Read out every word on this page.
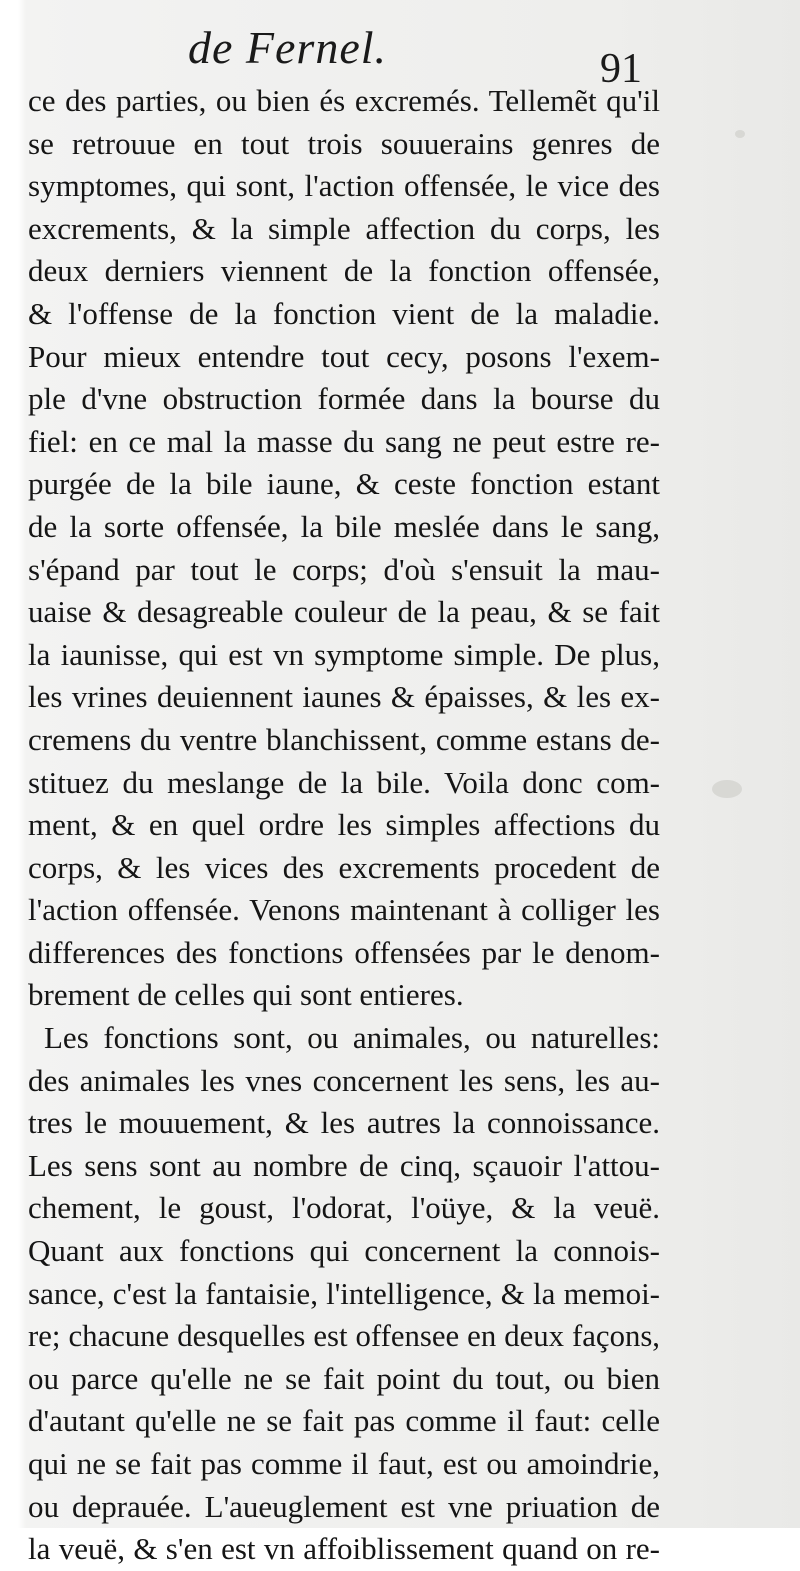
de Fernel.	91
ce des parties, ou bien és excremés. Tellemẽt qu'il
se retrouue en tout trois souuerains genres de
symptomes, qui sont, l'action offensée, le vice des
excrements, & la simple affection du corps, les
deux derniers viennent de la fonction offensée,
& l'offense de la fonction vient de la maladie.
Pour mieux entendre tout cecy, posons l'exem-
ple d'vne obstruction formée dans la bourse du
fiel: en ce mal la masse du sang ne peut estre re-
purgée de la bile iaune, & ceste fonction estant
de la sorte offensée, la bile meslée dans le sang,
s'épand par tout le corps; d'où s'ensuit la mau-
uaise & desagreable couleur de la peau, & se fait
la iaunisse, qui est vn symptome simple. De plus,
les vrines deuiennent iaunes & épaisses, & les ex-
cremens du ventre blanchissent, comme estans de-
stituez du meslange de la bile. Voila donc com-
ment, & en quel ordre les simples affections du
corps, & les vices des excrements procedent de
l'action offensée. Venons maintenant à colliger les
differences des fonctions offensées par le denom-
brement de celles qui sont entieres.
Les fonctions sont, ou animales, ou naturelles:
des animales les vnes concernent les sens, les au-
tres le mouuement, & les autres la connoissance.
Les sens sont au nombre de cinq, sçauoir l'attou-
chement, le goust, l'odorat, l'oüye, & la veuë.
Quant aux fonctions qui concernent la connois-
sance, c'est la fantaisie, l'intelligence, & la memoi-
re; chacune desquelles est offensee en deux façons,
ou parce qu'elle ne se fait point du tout, ou bien
d'autant qu'elle ne se fait pas comme il faut: celle
qui ne se fait pas comme il faut, est ou amoindrie,
ou deprauée. L'aueuglement est vne priuation de
la veuë, & s'en est vn affoiblissement quand on re-
